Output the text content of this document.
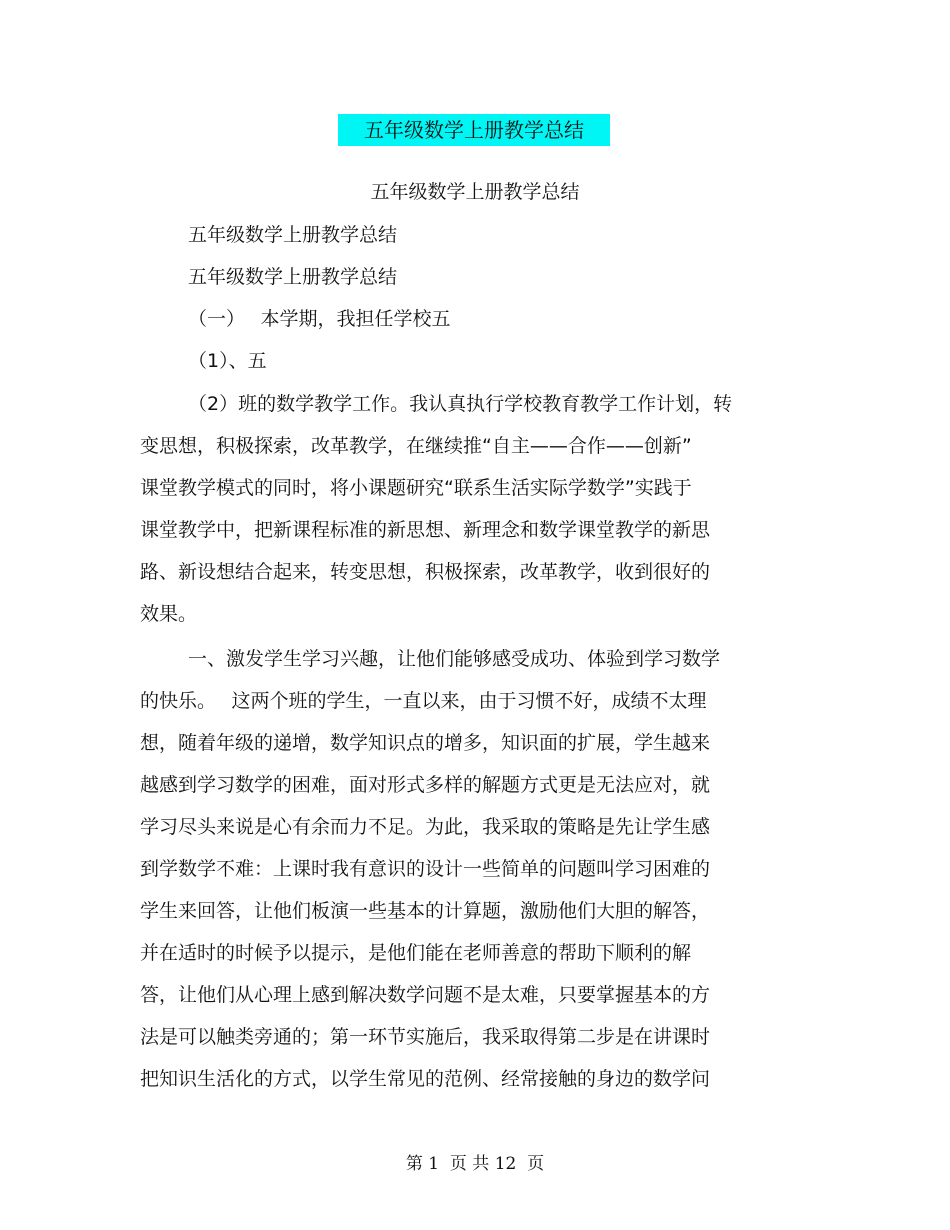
五年级数学上册教学总结
五年级数学上册教学总结
五年级数学上册教学总结
五年级数学上册教学总结
（一）　 本学期，我担任学校五
（1）、五
（2）班的数学教学工作。我认真执行学校教育教学工作计划，转
变思想，积极探索，改革教学，在继续推“自主——合作——创新”
课堂教学模式的同时，将小课题研究“联系生活实际学数学”实践于
课堂教学中，把新课程标准的新思想、新理念和数学课堂教学的新思
路、新设想结合起来，转变思想，积极探索，改革教学，收到很好的
效果。
一、激发学生学习兴趣，让他们能够感受成功、体验到学习数学
的快乐。　 这两个班的学生，一直以来，由于习惯不好，成绩不太理
想，随着年级的递增，数学知识点的增多，知识面的扩展，学生越来
越感到学习数学的困难，面对形式多样的解题方式更是无法应对，就
学习尽头来说是心有余而力不足。为此，我采取的策略是先让学生感
到学数学不难：上课时我有意识的设计一些简单的问题叫学习困难的
学生来回答，让他们板演一些基本的计算题，激励他们大胆的解答，
并在适时的时候予以提示，是他们能在老师善意的帮助下顺利的解
答，让他们从心理上感到解决数学问题不是太难，只要掌握基本的方
法是可以触类旁通的；第一环节实施后，我采取得第二步是在讲课时
把知识生活化的方式，以学生常见的范例、经常接触的身边的数学问
第 1  页 共 12  页
